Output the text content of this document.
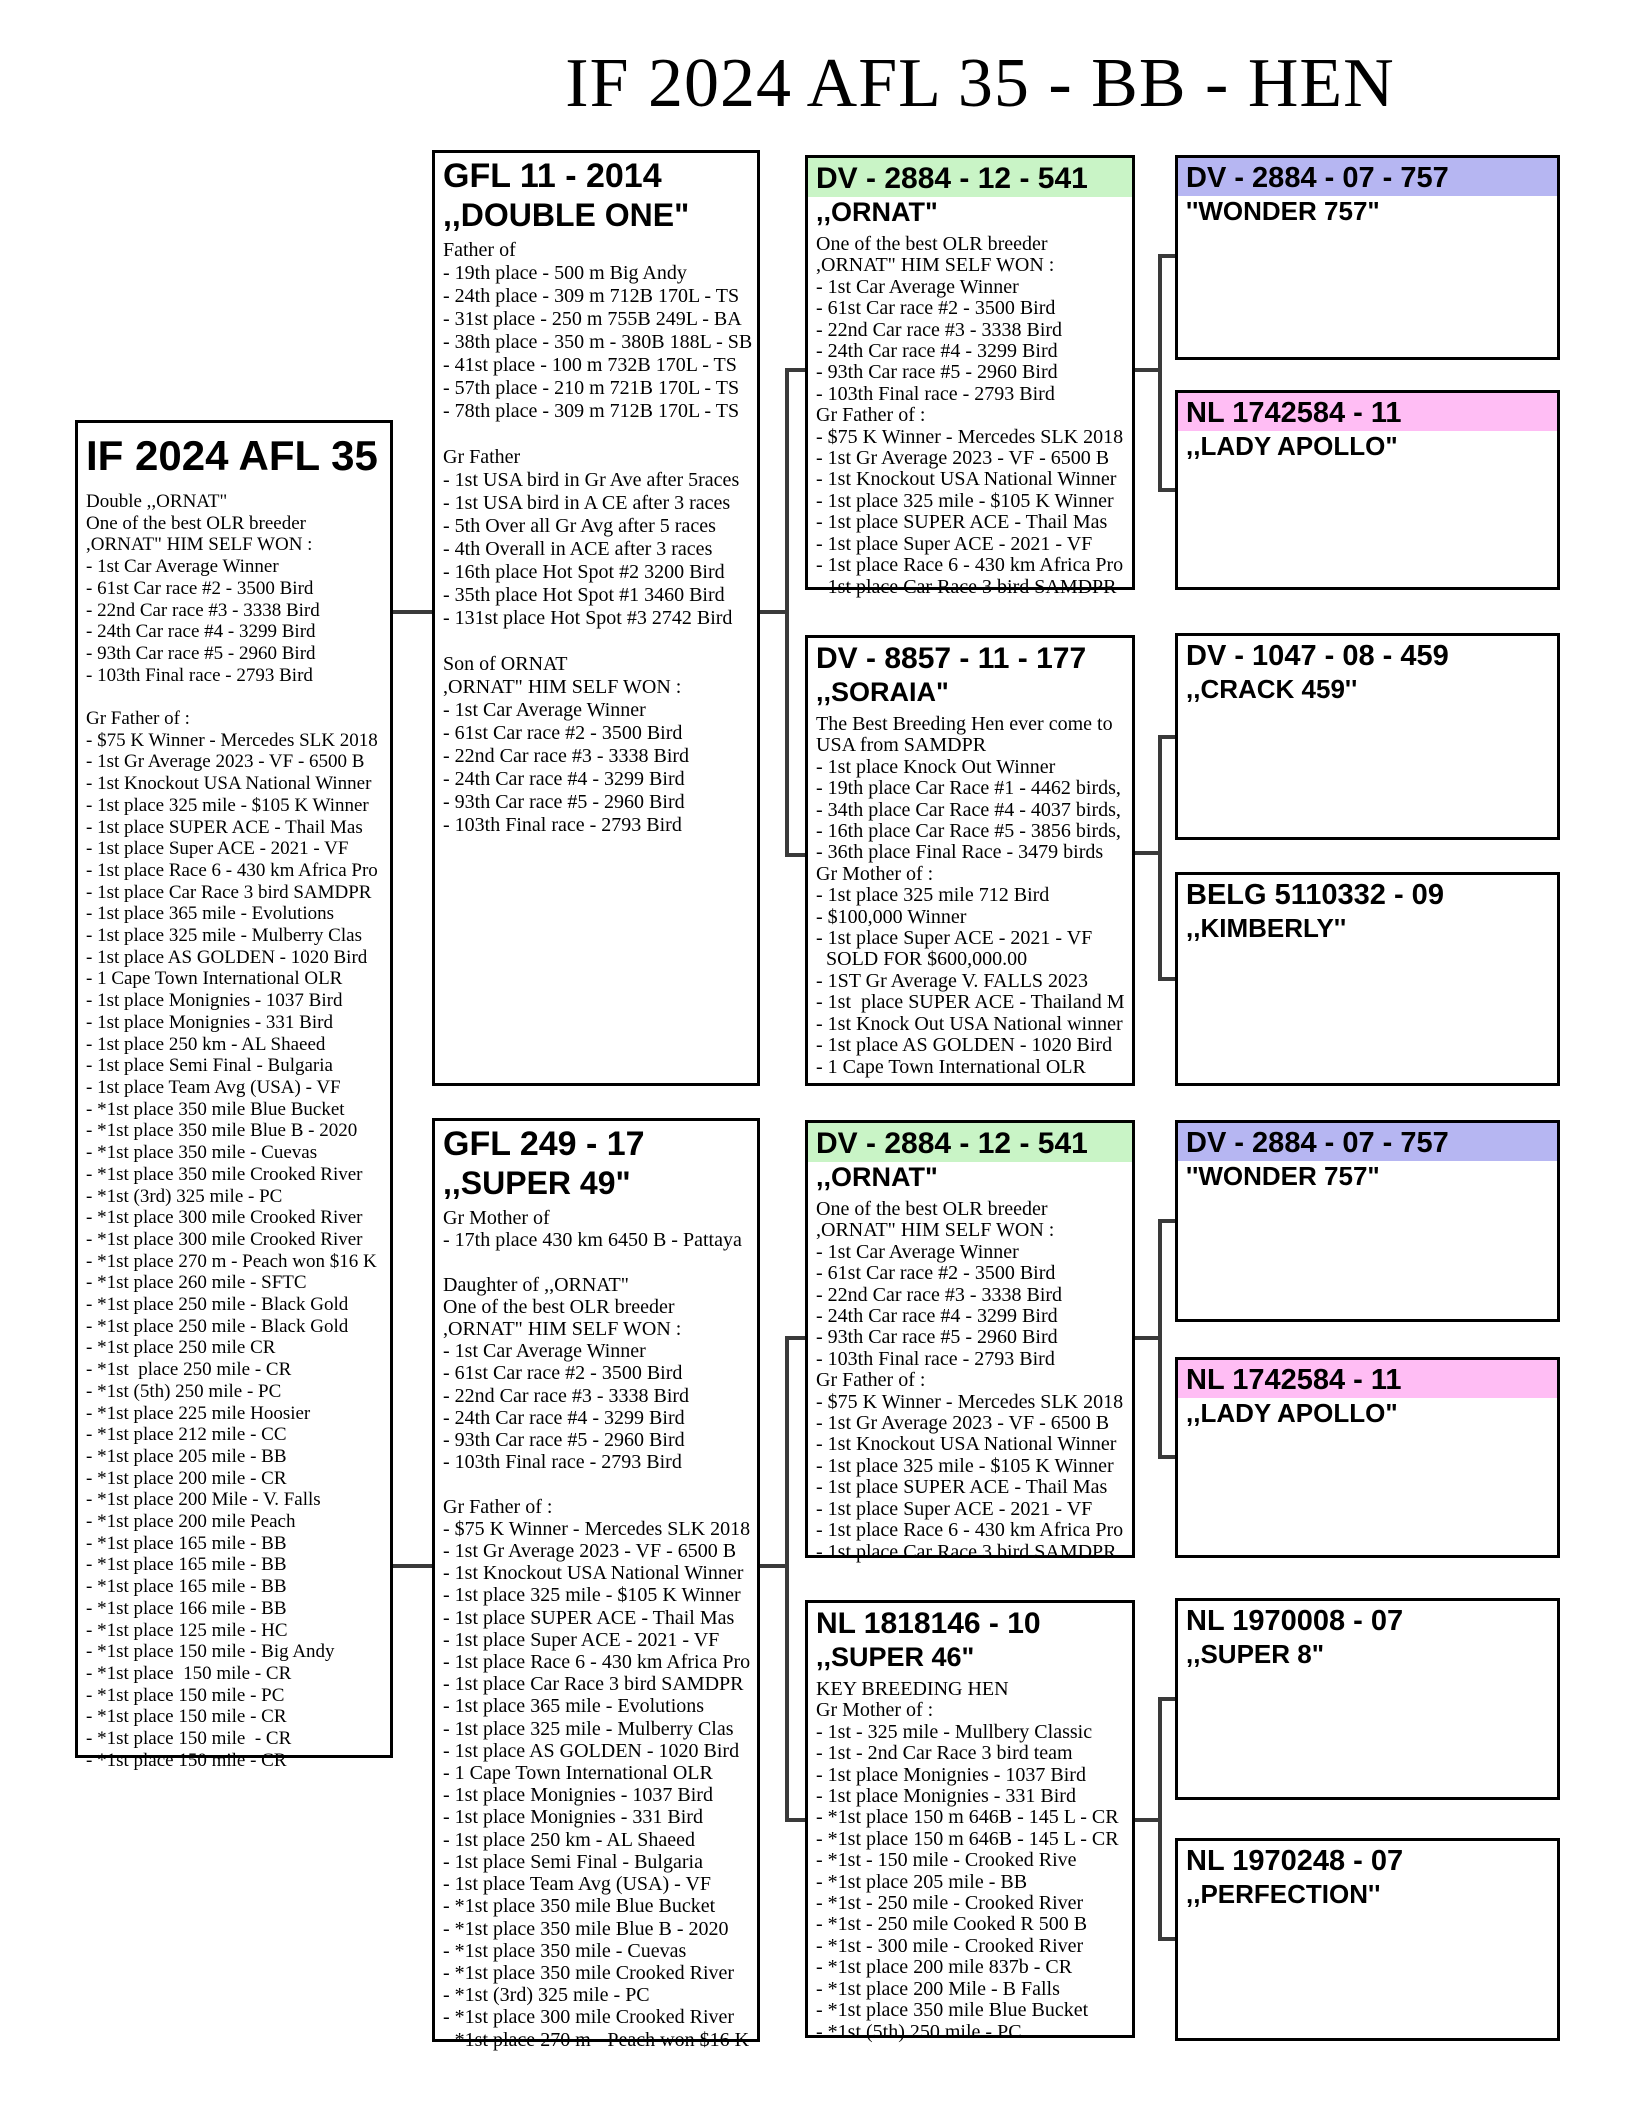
IF 2024 AFL 35 - BB - HEN
IF 2024 AFL 35
Double ,,ORNAT"
One of the best OLR breeder
,ORNAT" HIM SELF WON :
- 1st Car Average Winner
- 61st Car race #2 - 3500 Bird
- 22nd Car race #3 - 3338 Bird
- 24th Car race #4 - 3299 Bird
- 93th Car race #5 - 2960 Bird
- 103th Final race - 2793 Bird

Gr Father of :
- $75 K Winner - Mercedes SLK 2018
- 1st Gr Average 2023 - VF - 6500 B
- 1st Knockout USA National Winner
- 1st place 325 mile - $105 K Winner
- 1st place SUPER ACE - Thail Mas
- 1st place Super ACE - 2021 - VF
- 1st place Race 6 - 430 km Africa Pro
- 1st place Car Race 3 bird SAMDPR
- 1st place 365 mile - Evolutions
- 1st place 325 mile - Mulberry Clas
- 1st place AS GOLDEN - 1020 Bird
- 1 Cape Town International OLR
- 1st place Monignies - 1037 Bird
- 1st place Monignies - 331 Bird
- 1st place 250 km - AL Shaeed
- 1st place Semi Final - Bulgaria
- 1st place Team Avg (USA) - VF
- *1st place 350 mile Blue Bucket
- *1st place 350 mile Blue B - 2020
- *1st place 350 mile - Cuevas
- *1st place 350 mile Crooked River
- *1st (3rd) 325 mile - PC
- *1st place 300 mile Crooked River
- *1st place 300 mile Crooked River
- *1st place 270 m - Peach won $16 K
- *1st place 260 mile - SFTC
- *1st place 250 mile - Black Gold
- *1st place 250 mile - Black Gold
- *1st place 250 mile CR
- *1st  place 250 mile - CR
- *1st (5th) 250 mile - PC
- *1st place 225 mile Hoosier
- *1st place 212 mile - CC
- *1st place 205 mile - BB
- *1st place 200 mile - CR
- *1st place 200 Mile - V. Falls
- *1st place 200 mile Peach
- *1st place 165 mile - BB
- *1st place 165 mile - BB
- *1st place 165 mile - BB
- *1st place 166 mile - BB
- *1st place 125 mile - HC
- *1st place 150 mile - Big Andy
- *1st place  150 mile - CR
- *1st place 150 mile - PC
- *1st place 150 mile - CR
- *1st place 150 mile  - CR
- *1st place 150 mile - CR
GFL 11 - 2014
,,DOUBLE ONE"
Father of
- 19th place - 500 m Big Andy
- 24th place - 309 m 712B 170L - TS
- 31st place - 250 m 755B 249L - BA
- 38th place - 350 m - 380B 188L - SB
- 41st place - 100 m 732B 170L - TS
- 57th place - 210 m 721B 170L - TS
- 78th place - 309 m 712B 170L - TS

Gr Father
- 1st USA bird in Gr Ave after 5races
- 1st USA bird in A CE after 3 races
- 5th Over all Gr Avg after 5 races
- 4th Overall in ACE after 3 races
- 16th place Hot Spot #2 3200 Bird
- 35th place Hot Spot #1 3460 Bird
- 131st place Hot Spot #3 2742 Bird

Son of ORNAT
,ORNAT" HIM SELF WON :
- 1st Car Average Winner
- 61st Car race #2 - 3500 Bird
- 22nd Car race #3 - 3338 Bird
- 24th Car race #4 - 3299 Bird
- 93th Car race #5 - 2960 Bird
- 103th Final race - 2793 Bird
GFL 249 - 17
,,SUPER 49"
Gr Mother of
- 17th place 430 km 6450 B - Pattaya

Daughter of ,,ORNAT"
One of the best OLR breeder
,ORNAT" HIM SELF WON :
- 1st Car Average Winner
- 61st Car race #2 - 3500 Bird
- 22nd Car race #3 - 3338 Bird
- 24th Car race #4 - 3299 Bird
- 93th Car race #5 - 2960 Bird
- 103th Final race - 2793 Bird

Gr Father of :
- $75 K Winner - Mercedes SLK 2018
- 1st Gr Average 2023 - VF - 6500 B
- 1st Knockout USA National Winner
- 1st place 325 mile - $105 K Winner
- 1st place SUPER ACE - Thail Mas
- 1st place Super ACE - 2021 - VF
- 1st place Race 6 - 430 km Africa Pro
- 1st place Car Race 3 bird SAMDPR
- 1st place 365 mile - Evolutions
- 1st place 325 mile - Mulberry Clas
- 1st place AS GOLDEN - 1020 Bird
- 1 Cape Town International OLR
- 1st place Monignies - 1037 Bird
- 1st place Monignies - 331 Bird
- 1st place 250 km - AL Shaeed
- 1st place Semi Final - Bulgaria
- 1st place Team Avg (USA) - VF
- *1st place 350 mile Blue Bucket
- *1st place 350 mile Blue B - 2020
- *1st place 350 mile - Cuevas
- *1st place 350 mile Crooked River
- *1st (3rd) 325 mile - PC
- *1st place 300 mile Crooked River
- *1st place 270 m - Peach won $16 K
DV - 2884 - 12 - 541
,,ORNAT"
One of the best OLR breeder
,ORNAT" HIM SELF WON :
- 1st Car Average Winner
- 61st Car race #2 - 3500 Bird
- 22nd Car race #3 - 3338 Bird
- 24th Car race #4 - 3299 Bird
- 93th Car race #5 - 2960 Bird
- 103th Final race - 2793 Bird
Gr Father of :
- $75 K Winner - Mercedes SLK 2018
- 1st Gr Average 2023 - VF - 6500 B
- 1st Knockout USA National Winner
- 1st place 325 mile - $105 K Winner
- 1st place SUPER ACE - Thail Mas
- 1st place Super ACE - 2021 - VF
- 1st place Race 6 - 430 km Africa Pro
- 1st place Car Race 3 bird SAMDPR
DV - 8857 - 11 - 177
,,SORAIA"
The Best Breeding Hen ever come to
USA from SAMDPR
- 1st place Knock Out Winner
- 19th place Car Race #1 - 4462 birds,
- 34th place Car Race #4 - 4037 birds,
- 16th place Car Race #5 - 3856 birds,
- 36th place Final Race - 3479 birds
Gr Mother of :
- 1st place 325 mile 712 Bird
- $100,000 Winner
- 1st place Super ACE - 2021 - VF
SOLD FOR $600,000.00
- 1ST Gr Average V. FALLS 2023
- 1st  place SUPER ACE - Thailand M
- 1st Knock Out USA National winner
- 1st place AS GOLDEN - 1020 Bird
- 1 Cape Town International OLR
DV - 2884 - 12 - 541
,,ORNAT"
One of the best OLR breeder
,ORNAT" HIM SELF WON :
- 1st Car Average Winner
- 61st Car race #2 - 3500 Bird
- 22nd Car race #3 - 3338 Bird
- 24th Car race #4 - 3299 Bird
- 93th Car race #5 - 2960 Bird
- 103th Final race - 2793 Bird
Gr Father of :
- $75 K Winner - Mercedes SLK 2018
- 1st Gr Average 2023 - VF - 6500 B
- 1st Knockout USA National Winner
- 1st place 325 mile - $105 K Winner
- 1st place SUPER ACE - Thail Mas
- 1st place Super ACE - 2021 - VF
- 1st place Race 6 - 430 km Africa Pro
- 1st place Car Race 3 bird SAMDPR
NL 1818146 - 10
,,SUPER 46"
KEY BREEDING HEN
Gr Mother of :
- 1st - 325 mile - Mullbery Classic
- 1st - 2nd Car Race 3 bird team
- 1st place Monignies - 1037 Bird
- 1st place Monignies - 331 Bird
- *1st place 150 m 646B - 145 L - CR
- *1st place 150 m 646B - 145 L - CR
- *1st - 150 mile - Crooked Rive
- *1st place 205 mile - BB
- *1st - 250 mile - Crooked River
- *1st - 250 mile Cooked R 500 B
- *1st - 300 mile - Crooked River
- *1st place 200 mile 837b - CR
- *1st place 200 Mile - B Falls
- *1st place 350 mile Blue Bucket
- *1st (5th) 250 mile - PC
DV - 2884 - 07 - 757
''WONDER 757"
NL 1742584 - 11
,,LADY APOLLO"
DV - 1047 - 08 - 459
,,CRACK 459''
BELG 5110332 - 09
,,KIMBERLY''
DV - 2884 - 07 - 757
''WONDER 757"
NL 1742584 - 11
,,LADY APOLLO"
NL 1970008 - 07
,,SUPER 8"
NL 1970248 - 07
,,PERFECTION''
